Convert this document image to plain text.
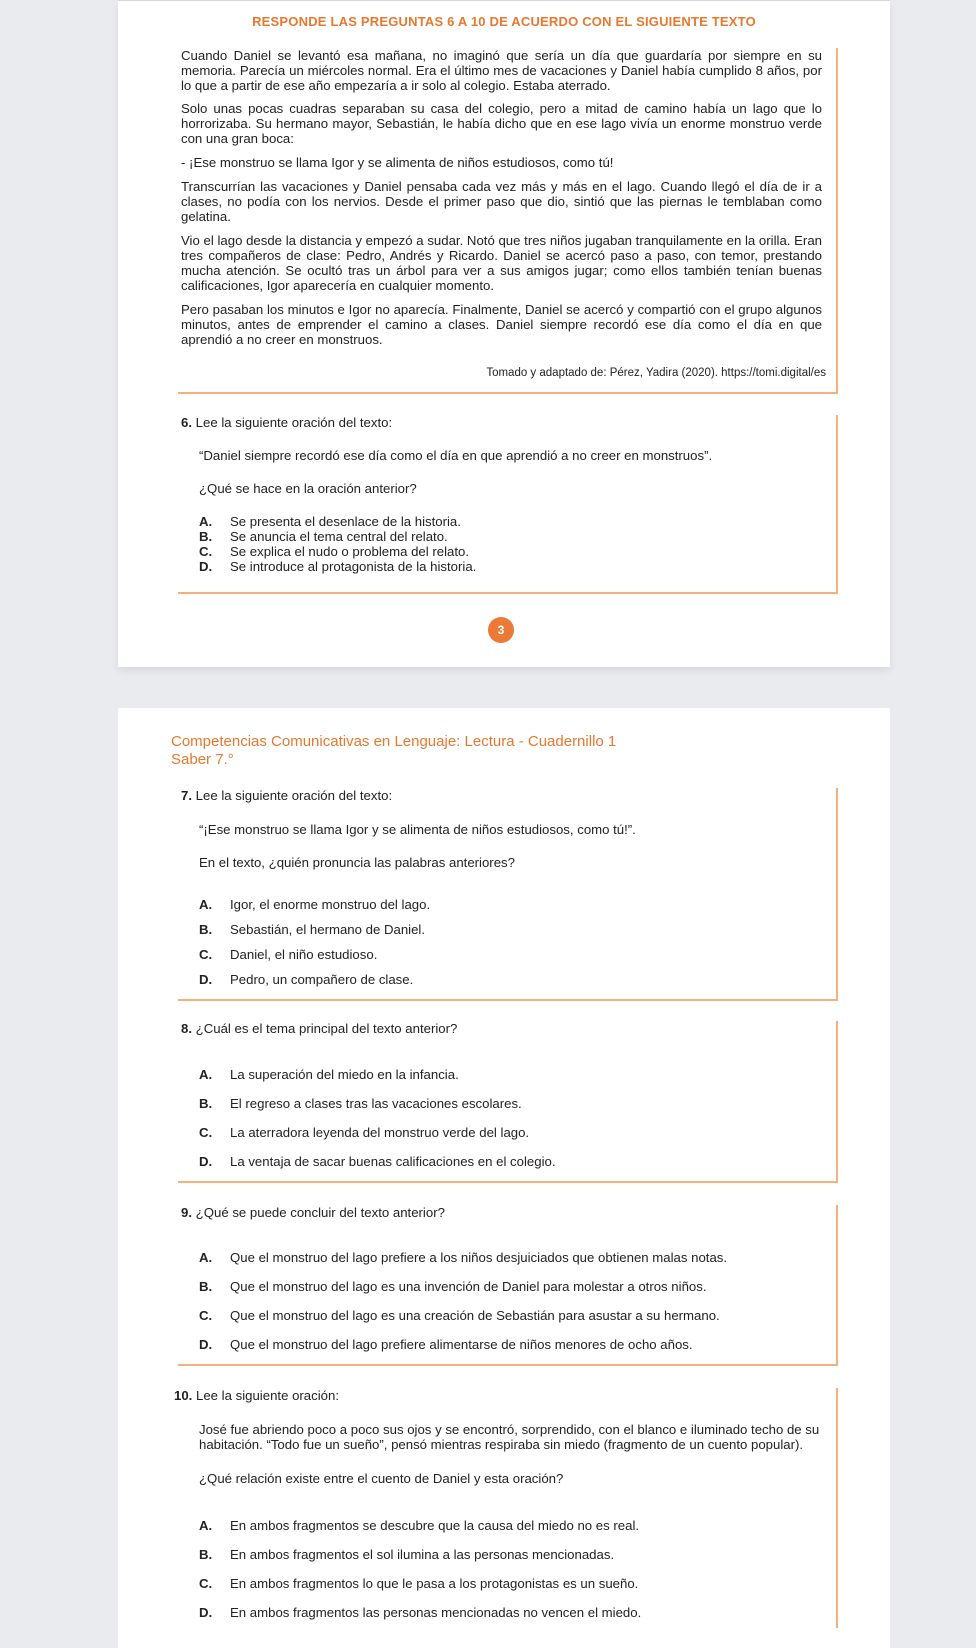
RESPONDE LAS PREGUNTAS 6 A 10 DE ACUERDO CON EL SIGUIENTE TEXTO

Cuando Daniel se levantó esa mañana, no imaginó que sería un día que guardaría por siempre en su memoria. Parecía un miércoles normal. Era el último mes de vacaciones y Daniel había cumplido 8 años, por lo que a partir de ese año empezaría a ir solo al colegio. Estaba aterrado.

Solo unas pocas cuadras separaban su casa del colegio, pero a mitad de camino había un lago que lo horrorizaba. Su hermano mayor, Sebastián, le había dicho que en ese lago vivía un enorme monstruo verde con una gran boca:

- ¡Ese monstruo se llama Igor y se alimenta de niños estudiosos, como tú!

Transcurrían las vacaciones y Daniel pensaba cada vez más y más en el lago. Cuando llegó el día de ir a clases, no podía con los nervios. Desde el primer paso que dio, sintió que las piernas le temblaban como gelatina.

Vio el lago desde la distancia y empezó a sudar. Notó que tres niños jugaban tranquilamente en la orilla. Eran tres compañeros de clase: Pedro, Andrés y Ricardo. Daniel se acercó paso a paso, con temor, prestando mucha atención. Se ocultó tras un árbol para ver a sus amigos jugar; como ellos también tenían buenas calificaciones, Igor aparecería en cualquier momento.

Pero pasaban los minutos e Igor no aparecía. Finalmente, Daniel se acercó y compartió con el grupo algunos minutos, antes de emprender el camino a clases. Daniel siempre recordó ese día como el día en que aprendió a no creer en monstruos.

Tomado y adaptado de: Pérez, Yadira (2020). https://tomi.digital/es
6. Lee la siguiente oración del texto:
“Daniel siempre recordó ese día como el día en que aprendió a no creer en monstruos”.
¿Qué se hace en la oración anterior?
A. Se presenta el desenlace de la historia.
B. Se anuncia el tema central del relato.
C. Se explica el nudo o problema del relato.
D. Se introduce al protagonista de la historia.
3
Competencias Comunicativas en Lenguaje: Lectura - Cuadernillo 1
Saber 7.°
7. Lee la siguiente oración del texto:
“¡Ese monstruo se llama Igor y se alimenta de niños estudiosos, como tú!”.
En el texto, ¿quién pronuncia las palabras anteriores?
A. Igor, el enorme monstruo del lago.
B. Sebastián, el hermano de Daniel.
C. Daniel, el niño estudioso.
D. Pedro, un compañero de clase.
8. ¿Cuál es el tema principal del texto anterior?
A. La superación del miedo en la infancia.
B. El regreso a clases tras las vacaciones escolares.
C. La aterradora leyenda del monstruo verde del lago.
D. La ventaja de sacar buenas calificaciones en el colegio.
9. ¿Qué se puede concluir del texto anterior?
A. Que el monstruo del lago prefiere a los niños desjuiciados que obtienen malas notas.
B. Que el monstruo del lago es una invención de Daniel para molestar a otros niños.
C. Que el monstruo del lago es una creación de Sebastián para asustar a su hermano.
D. Que el monstruo del lago prefiere alimentarse de niños menores de ocho años.
10. Lee la siguiente oración:
José fue abriendo poco a poco sus ojos y se encontró, sorprendido, con el blanco e iluminado techo de su habitación. “Todo fue un sueño”, pensó mientras respiraba sin miedo (fragmento de un cuento popular).
¿Qué relación existe entre el cuento de Daniel y esta oración?
A. En ambos fragmentos se descubre que la causa del miedo no es real.
B. En ambos fragmentos el sol ilumina a las personas mencionadas.
C. En ambos fragmentos lo que le pasa a los protagonistas es un sueño.
D. En ambos fragmentos las personas mencionadas no vencen el miedo.
